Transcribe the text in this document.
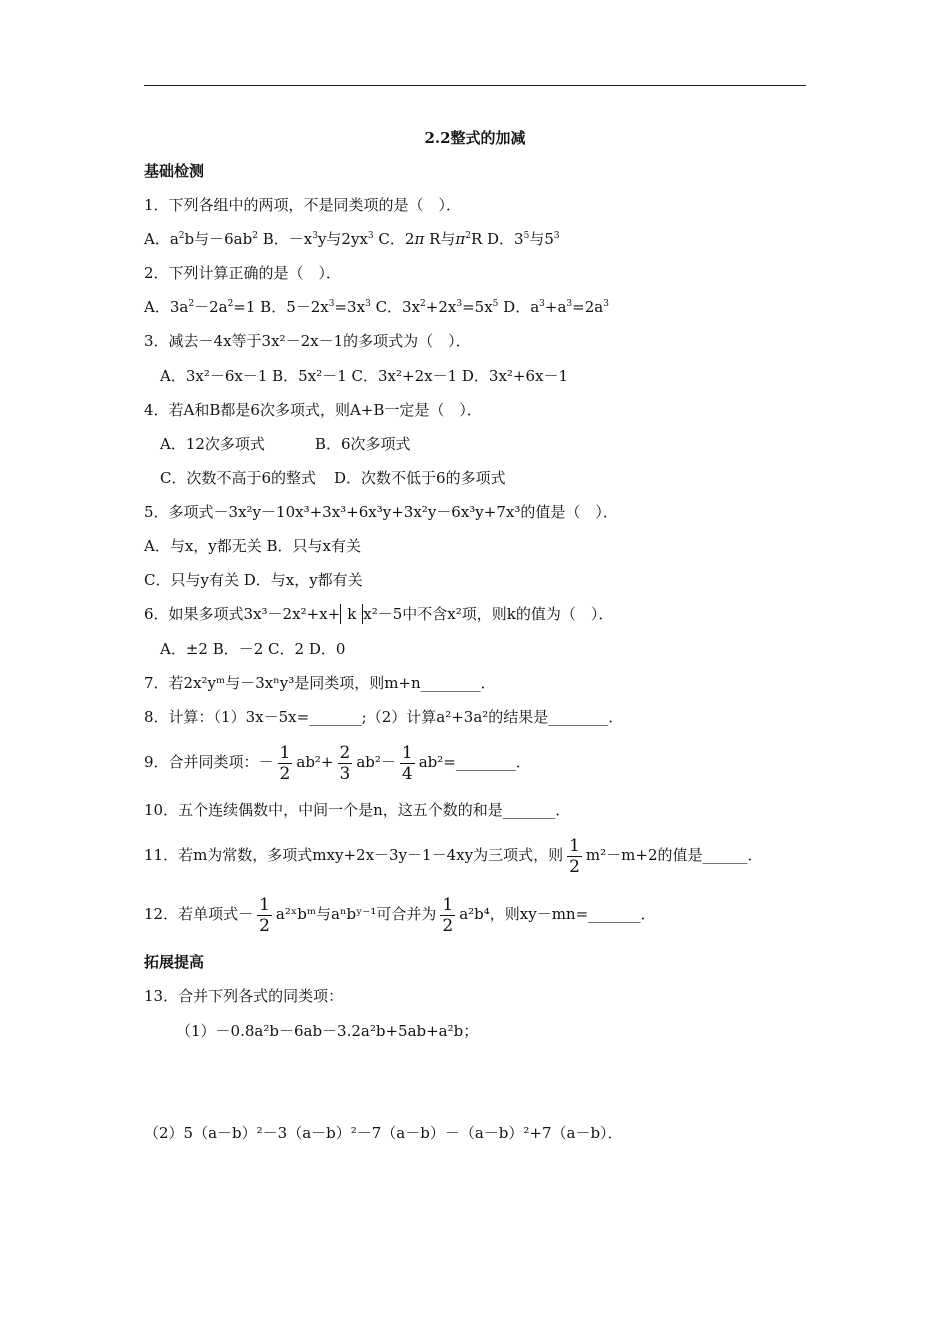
2.2整式的加减
基础检测
1．下列各组中的两项，不是同类项的是（　）．
A．$a^2b$与$-6ab^2$ B．$-x^3y$与$2yx^3$ C．2π R与$\pi^2R$ D．$3^5$与$5^3$
2．下列计算正确的是（　）．
A．$3a^2-2a^2=1$ B．$5-2x^3=3x^3$ C．$3x^2+2x^3=5x^5$ D．$a^3+a^3=2a^3$
3．减去－4x等于3x²－2x－1的多项式为（　）．
A．3x²－6x－1 B．5x²－1 C．3x²+2x－1 D．3x²+6x－1
4．若A和B都是6次多项式，则A+B一定是（　）．
A．12次多项式	B．6次多项式
C．次数不高于6的整式 D．次数不低于6的多项式
5．多项式－3x²y－10x³+3x³+6x³y+3x²y－6x³y+7x³的值是（　）．
A．与x，y都无关 B．只与x有关
C．只与y有关 D．与x，y都有关
6．如果多项式3x³－2x²+x+ k x²－5中不含x²项，则k的值为（　）．
A．±2 B．－2 C．2 D．0
7．若2x²yᵐ与－3xⁿy³是同类项，则m+n________．
8．计算：（1）3x－5x=_______;（2）计算a²+3a²的结果是________．
9．合并同类项：－ $\frac{1}{2} ab^2+ \frac{2}{3} ab^2- \frac{1}{4}$ ab²=________．
10．五个连续偶数中，中间一个是n，这五个数的和是_______．
11．若m为常数，多项式mxy+2x－3y－1－4xy为三项式，则 $\frac{1}{2} m^2-m+2$的值是______．
12．若单项式－ $\frac{1}{2}$ a²ˣbᵐ与aⁿbʸ⁻¹可合并为 $\frac{1}{2} a^2b^4$，则xy－mn=_______．
拓展提高
13．合并下列各式的同类项：
（1）－0.8a²b－6ab－3.2a²b+5ab+a²b；
（2）5（a－b）²－3（a－b）²－7（a－b）－（a－b）²+7（a－b）．
